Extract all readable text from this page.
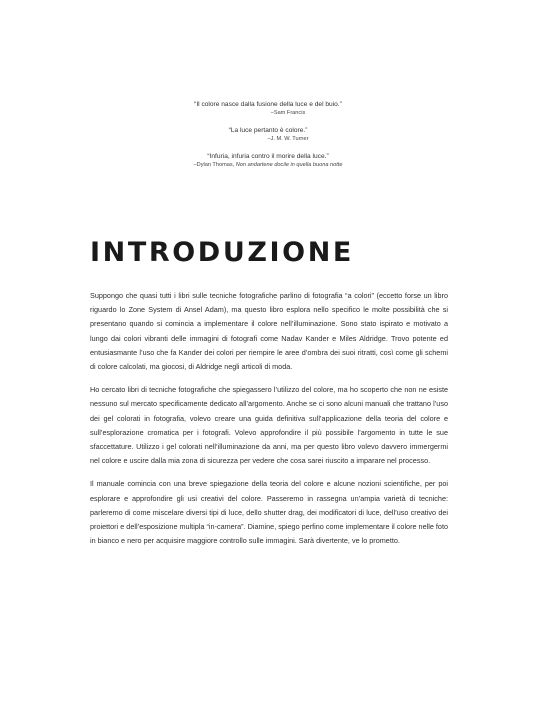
“Il colore nasce dalla fusione della luce e del buio.”
–Sam Francis
“La luce pertanto è colore.”
–J. M. W. Turner
“Infuria, infuria contro il morire della luce.”
–Dylan Thomas, Non andartene docile in quella buona notte
INTRODUZIONE

Suppongo che quasi tutti i libri sulle tecniche fotografiche parlino di fotografia “a colori” (eccetto forse un libro riguardo lo Zone System di Ansel Adam), ma questo libro esplora nello specifico le molte possibilità che si presentano quando si comincia a implementare il colore nell’illuminazione. Sono stato ispirato e motivato a lungo dai colori vibranti delle immagini di fotografi come Nadav Kander e Miles Aldridge. Trovo potente ed entusiasmante l’uso che fa Kander dei colori per riempire le aree d’ombra dei suoi ritratti, così come gli schemi di colore calcolati, ma giocosi, di Aldridge negli articoli di moda.

Ho cercato libri di tecniche fotografiche che spiegassero l’utilizzo del colore, ma ho scoperto che non ne esiste nessuno sul mercato specificamente dedicato all’argomento. Anche se ci sono alcuni manuali che trattano l’uso dei gel colorati in fotografia, volevo creare una guida definitiva sull’applicazione della teoria del colore e sull’esplorazione cromatica per i fotografi. Volevo approfondire il più possibile l’argomento in tutte le sue sfaccettature. Utilizzo i gel colorati nell’illuminazione da anni, ma per questo libro volevo davvero immergermi nel colore e uscire dalla mia zona di sicurezza per vedere che cosa sarei riuscito a imparare nel processo.

Il manuale comincia con una breve spiegazione della teoria del colore e alcune nozioni scientifiche, per poi esplorare e approfondire gli usi creativi del colore. Passeremo in rassegna un’ampia varietà di tecniche: parleremo di come miscelare diversi tipi di luce, dello shutter drag, dei modificatori di luce, dell’uso creativo dei proiettori e dell’esposizione multipla “in-camera”. Diamine, spiego perfino come implementare il colore nelle foto in bianco e nero per acquisire maggiore controllo sulle immagini. Sarà divertente, ve lo prometto.
